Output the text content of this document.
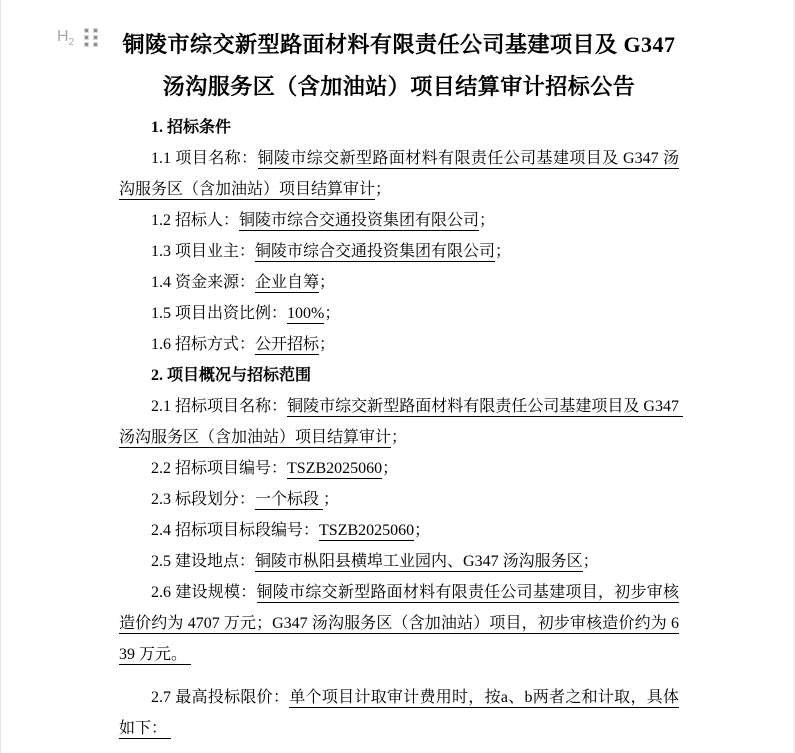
$H_2$ 铜陵市综交新型路面材料有限责任公司基建项目及 G347 汤沟服务区（含加油站）项目结算审计招标公告

1. 招标条件

1.1 项目名称：铜陵市综交新型路面材料有限责任公司基建项目及 G347 汤沟服务区（含加油站）项目结算审计；

1.2 招标人：铜陵市综合交通投资集团有限公司；

1.3 项目业主：铜陵市综合交通投资集团有限公司；

1.4 资金来源：企业自筹；

1.5 项目出资比例：100%；

1.6 招标方式：公开招标；

2. 项目概况与招标范围

2.1 招标项目名称：铜陵市综交新型路面材料有限责任公司基建项目及 G347 汤沟服务区（含加油站）项目结算审计；

2.2 招标项目编号：TSZB2025060；

2.3 标段划分：一个标段 ；

2.4 招标项目标段编号：TSZB2025060；

2.5 建设地点：铜陵市枞阳县横埠工业园内、G347 汤沟服务区；

2.6 建设规模：铜陵市综交新型路面材料有限责任公司基建项目，初步审核造价约为 4707 万元；G347 汤沟服务区（含加油站）项目，初步审核造价约为 639 万元。

2.7 最高投标限价：单个项目计取审计费用时，按a、b两者之和计取，具体如下：
